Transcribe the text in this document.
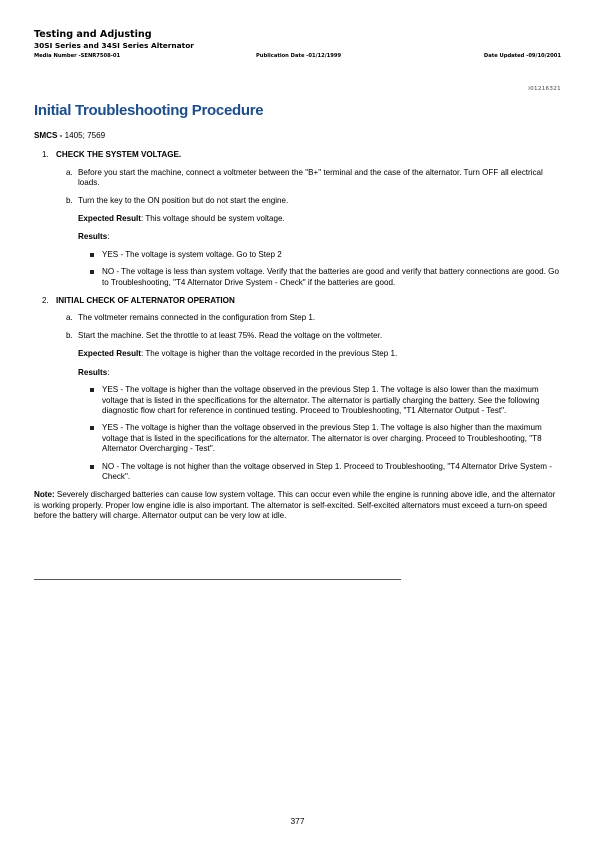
Testing and Adjusting
30SI Series and 34SI Series Alternator
Media Number -SENR7508-01	Publication Date -01/12/1999	Date Updated -09/10/2001
i01216321
Initial Troubleshooting Procedure

SMCS - 1405; 7569

1. CHECK THE SYSTEM VOLTAGE.
a. Before you start the machine, connect a voltmeter between the "B+" terminal and the case of the alternator. Turn OFF all electrical loads.
b. Turn the key to the ON position but do not start the engine.
Expected Result: This voltage should be system voltage.
Results:
YES - The voltage is system voltage. Go to Step 2
NO - The voltage is less than system voltage. Verify that the batteries are good and verify that battery connections are good. Go to Troubleshooting, "T4 Alternator Drive System - Check" if the batteries are good.
2. INITIAL CHECK OF ALTERNATOR OPERATION
a. The voltmeter remains connected in the configuration from Step 1.
b. Start the machine. Set the throttle to at least 75%. Read the voltage on the voltmeter.
Expected Result: The voltage is higher than the voltage recorded in the previous Step 1.
Results:
YES - The voltage is higher than the voltage observed in the previous Step 1. The voltage is also lower than the maximum voltage that is listed in the specifications for the alternator. The alternator is partially charging the battery. See the following diagnostic flow chart for reference in continued testing. Proceed to Troubleshooting, "T1 Alternator Output - Test".
YES - The voltage is higher than the voltage observed in the previous Step 1. The voltage is also higher than the maximum voltage that is listed in the specifications for the alternator. The alternator is over charging. Proceed to Troubleshooting, "T8 Alternator Overcharging - Test".
NO - The voltage is not higher than the voltage observed in Step 1. Proceed to Troubleshooting, "T4 Alternator Drive System - Check".

Note: Severely discharged batteries can cause low system voltage. This can occur even while the engine is running above idle, and the alternator is working properly. Proper low engine idle is also important. The alternator is self-excited. Self-excited alternators must exceed a turn-on speed before the battery will charge. Alternator output can be very low at idle.

377
